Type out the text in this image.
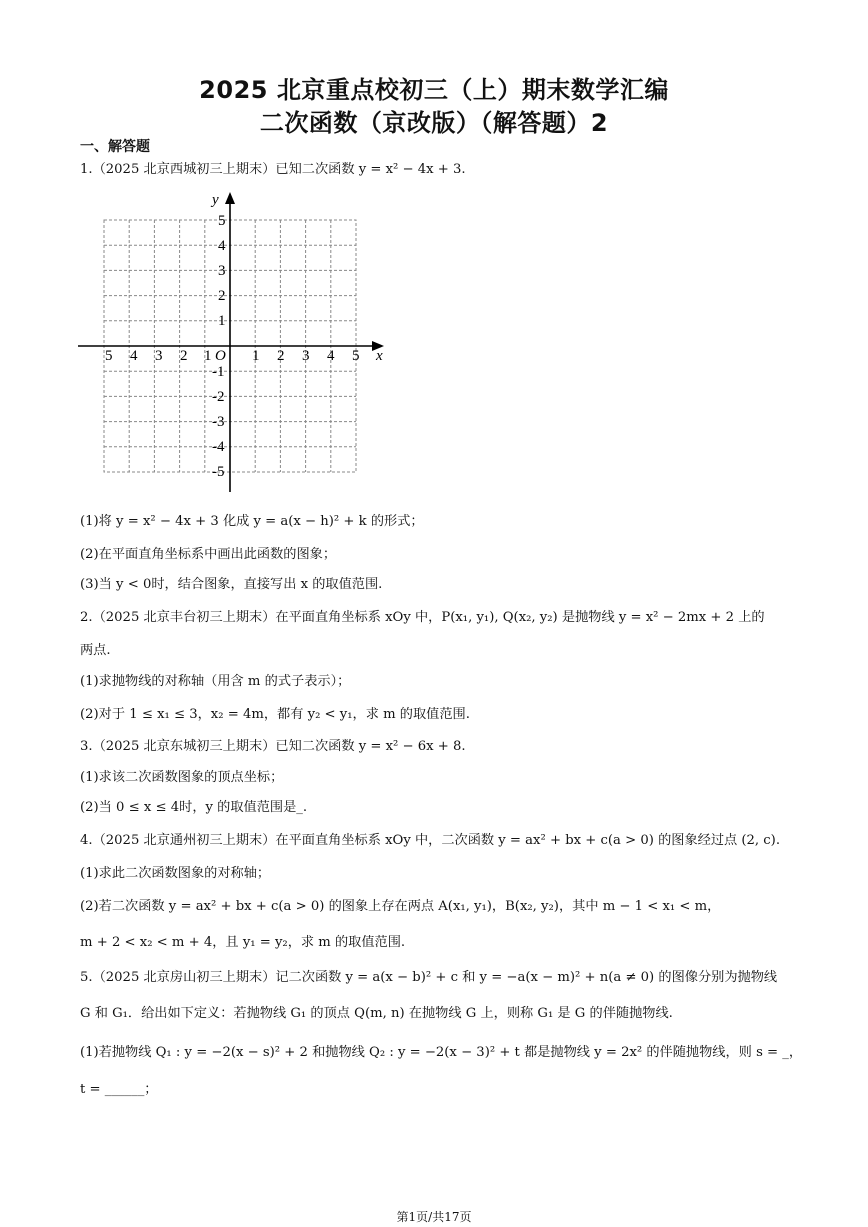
2025 北京重点校初三（上）期末数学汇编
二次函数（京改版）（解答题）2
一、解答题
1.（2025 北京西城初三上期末）已知二次函数 y = x² − 4x + 3.
x
y
O
5 4 3 2 1	1 2 3 4 5
5
4
3
2
1
-1
-2
-3
-4
-5
(1)将 y = x² − 4x + 3 化成 y = a(x − h)² + k 的形式；
(2)在平面直角坐标系中画出此函数的图象；
(3)当 y < 0时，结合图象，直接写出 x 的取值范围.
2.（2025 北京丰台初三上期末）在平面直角坐标系 xOy 中，P(x₁, y₁), Q(x₂, y₂) 是抛物线 y = x² − 2mx + 2 上的
两点.
(1)求抛物线的对称轴（用含 m 的式子表示）；
(2)对于 1 ≤ x₁ ≤ 3，x₂ = 4m，都有 y₂ < y₁，求 m 的取值范围.
3.（2025 北京东城初三上期末）已知二次函数 y = x² − 6x + 8.
(1)求该二次函数图象的顶点坐标；
(2)当 0 ≤ x ≤ 4时，y 的取值范围是_.
4.（2025 北京通州初三上期末）在平面直角坐标系 xOy 中，二次函数 y = ax² + bx + c(a > 0) 的图象经过点 (2, c).
(1)求此二次函数图象的对称轴；
(2)若二次函数 y = ax² + bx + c(a > 0) 的图象上存在两点 A(x₁, y₁)，B(x₂, y₂)，其中 m − 1 < x₁ < m，
m + 2 < x₂ < m + 4，且 y₁ = y₂，求 m 的取值范围.
5.（2025 北京房山初三上期末）记二次函数 y = a(x − b)² + c 和 y = −a(x − m)² + n(a ≠ 0) 的图像分别为抛物线
G 和 G₁．给出如下定义：若抛物线 G₁ 的顶点 Q(m, n) 在抛物线 G 上，则称 G₁ 是 G 的伴随抛物线.
(1)若抛物线 Q₁ : y = −2(x − s)² + 2 和抛物线 Q₂ : y = −2(x − 3)² + t 都是抛物线 y = 2x² 的伴随抛物线，则 s = _，
t = ______；
第1页/共17页
